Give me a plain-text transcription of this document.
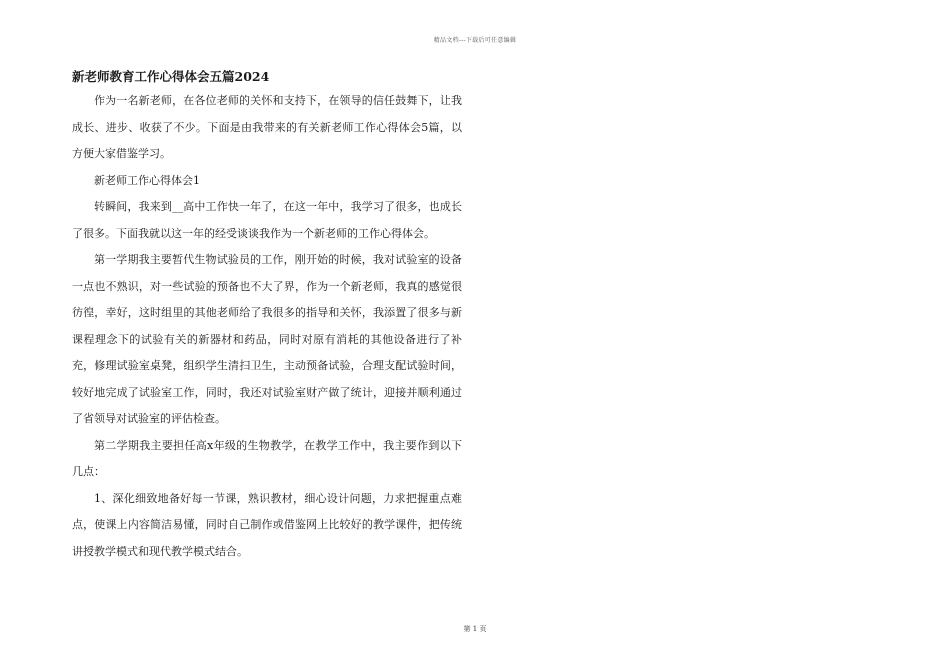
精品文档---下载后可任意编辑
新老师教育工作心得体会五篇2024

作为一名新老师，在各位老师的关怀和支持下，在领导的信任鼓舞下，让我成长、进步、收获了不少。下面是由我带来的有关新老师工作心得体会5篇，以方便大家借鉴学习。

新老师工作心得体会1

转瞬间，我来到__高中工作快一年了，在这一年中，我学习了很多，也成长了很多。下面我就以这一年的经受谈谈我作为一个新老师的工作心得体会。

第一学期我主要暂代生物试验员的工作，刚开始的时候，我对试验室的设备一点也不熟识，对一些试验的预备也不大了界，作为一个新老师，我真的感觉很彷徨，幸好，这时组里的其他老师给了我很多的指导和关怀，我添置了很多与新课程理念下的试验有关的新器材和药品，同时对原有消耗的其他设备进行了补充，修理试验室桌凳，组织学生清扫卫生，主动预备试验，合理支配试验时间，较好地完成了试验室工作，同时，我还对试验室财产做了统计，迎接并顺利通过了省领导对试验室的评估检查。

第二学期我主要担任高x年级的生物教学，在教学工作中，我主要作到以下几点：

1、深化细致地备好每一节课，熟识教材，细心设计问题，力求把握重点难点，使课上内容简洁易懂，同时自己制作或借鉴网上比较好的教学课件，把传统讲授教学模式和现代教学模式结合。

第 1 页
